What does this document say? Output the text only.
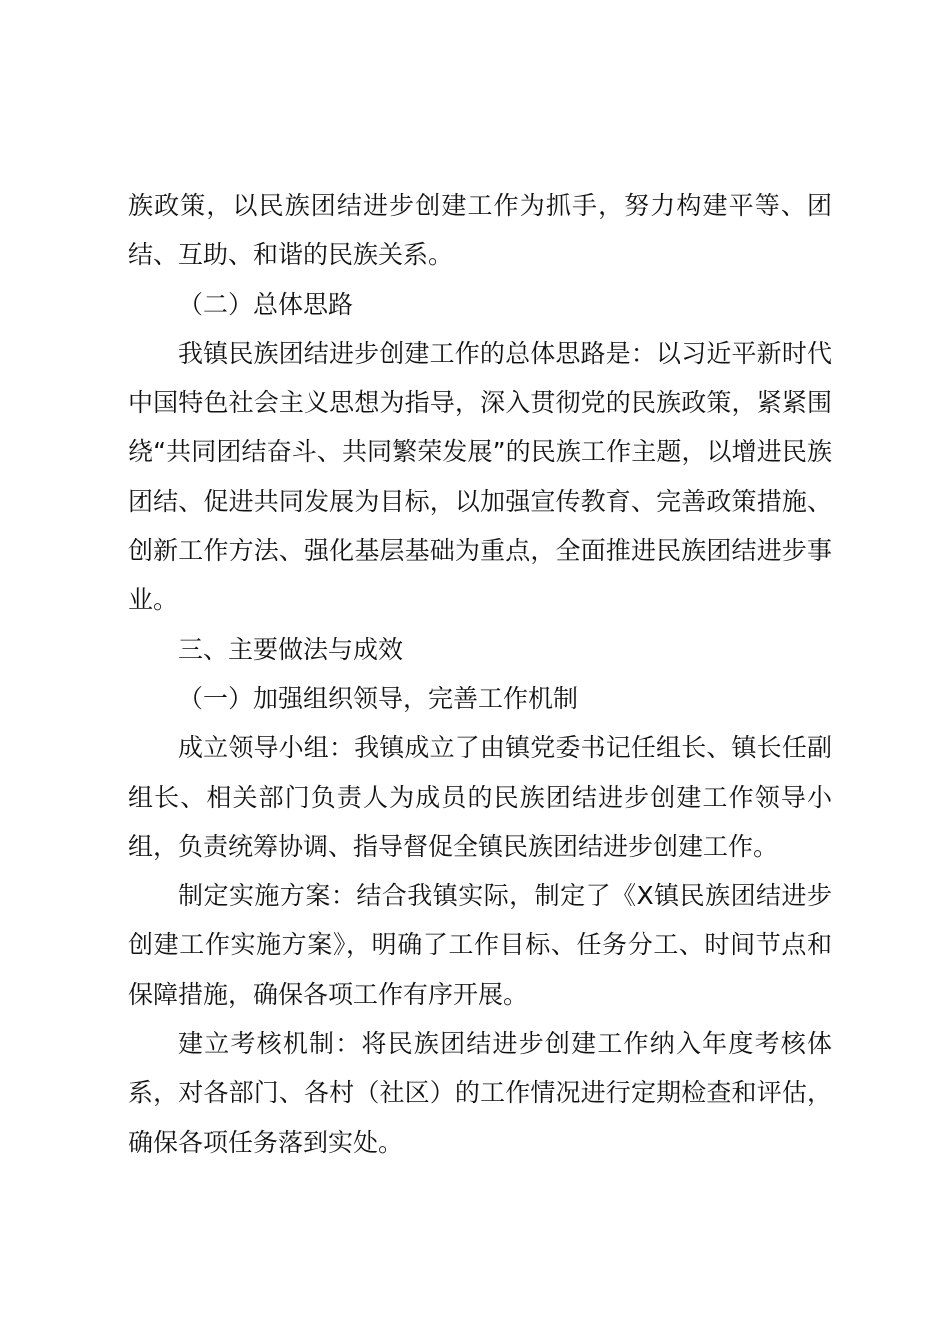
族政策，以民族团结进步创建工作为抓手，努力构建平等、团结、互助、和谐的民族关系。

（二）总体思路

我镇民族团结进步创建工作的总体思路是：以习近平新时代中国特色社会主义思想为指导，深入贯彻党的民族政策，紧紧围绕“共同团结奋斗、共同繁荣发展”的民族工作主题，以增进民族团结、促进共同发展为目标，以加强宣传教育、完善政策措施、创新工作方法、强化基层基础为重点，全面推进民族团结进步事业。

三、主要做法与成效

（一）加强组织领导，完善工作机制

成立领导小组：我镇成立了由镇党委书记任组长、镇长任副组长、相关部门负责人为成员的民族团结进步创建工作领导小组，负责统筹协调、指导督促全镇民族团结进步创建工作。

制定实施方案：结合我镇实际，制定了《X镇民族团结进步创建工作实施方案》，明确了工作目标、任务分工、时间节点和保障措施，确保各项工作有序开展。

建立考核机制：将民族团结进步创建工作纳入年度考核体系，对各部门、各村（社区）的工作情况进行定期检查和评估，确保各项任务落到实处。
